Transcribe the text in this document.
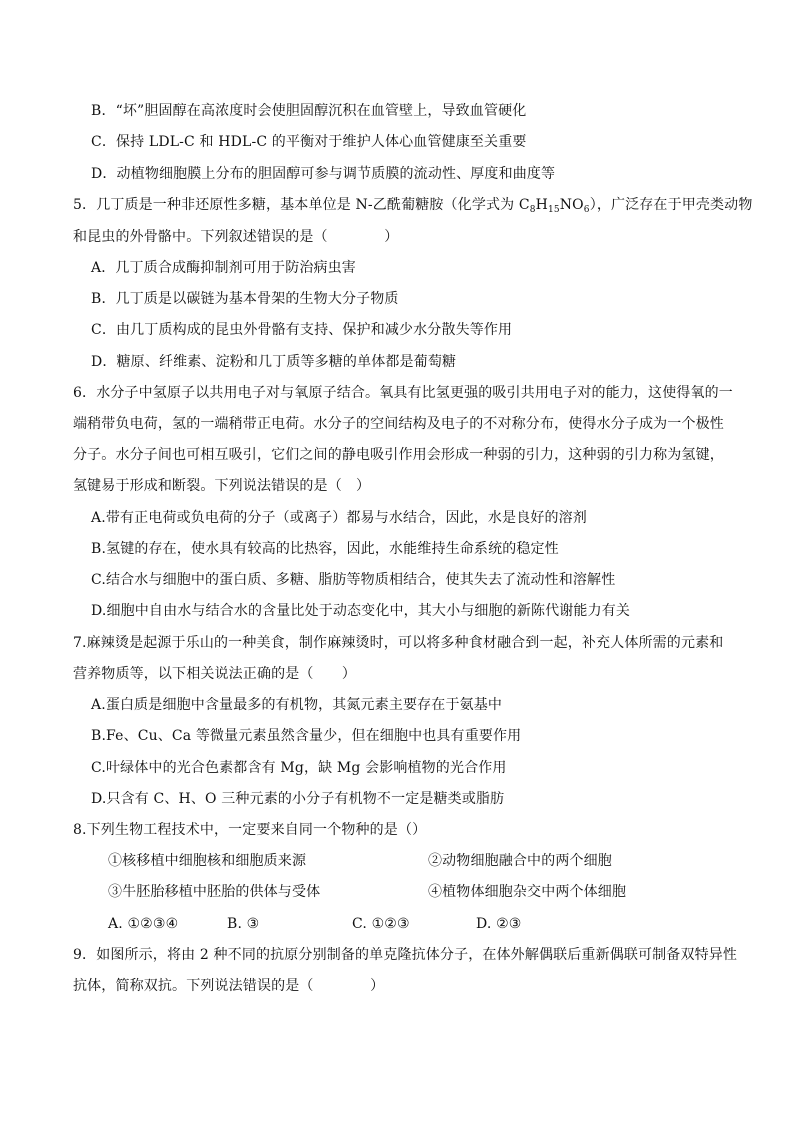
B．“坏”胆固醇在高浓度时会使胆固醇沉积在血管壁上，导致血管硬化
C．保持 LDL-C 和 HDL-C 的平衡对于维护人体心血管健康至关重要
D．动植物细胞膜上分布的胆固醇可参与调节质膜的流动性、厚度和曲度等
5．几丁质是一种非还原性多糖，基本单位是 N-乙酰葡糖胺（化学式为 $C_8H_{15}NO_6$），广泛存在于甲壳类动物
和昆虫的外骨骼中。下列叙述错误的是（　　　　）
A．几丁质合成酶抑制剂可用于防治病虫害
B．几丁质是以碳链为基本骨架的生物大分子物质
C．由几丁质构成的昆虫外骨骼有支持、保护和减少水分散失等作用
D．糖原、纤维素、淀粉和几丁质等多糖的单体都是葡萄糖
6．水分子中氢原子以共用电子对与氧原子结合。氧具有比氢更强的吸引共用电子对的能力，这使得氧的一
端稍带负电荷，氢的一端稍带正电荷。水分子的空间结构及电子的不对称分布，使得水分子成为一个极性
分子。水分子间也可相互吸引，它们之间的静电吸引作用会形成一种弱的引力，这种弱的引力称为氢键，
氢键易于形成和断裂。下列说法错误的是（　）
A.带有正电荷或负电荷的分子（或离子）都易与水结合，因此，水是良好的溶剂
B.氢键的存在，使水具有较高的比热容，因此，水能维持生命系统的稳定性
C.结合水与细胞中的蛋白质、多糖、脂肪等物质相结合，使其失去了流动性和溶解性
D.细胞中自由水与结合水的含量比处于动态变化中，其大小与细胞的新陈代谢能力有关
7.麻辣烫是起源于乐山的一种美食，制作麻辣烫时，可以将多种食材融合到一起，补充人体所需的元素和
营养物质等，以下相关说法正确的是（　　）
A.蛋白质是细胞中含量最多的有机物，其氮元素主要存在于氨基中
B.Fe、Cu、Ca 等微量元素虽然含量少，但在细胞中也具有重要作用
C.叶绿体中的光合色素都含有 Mg，缺 Mg 会影响植物的光合作用
D.只含有 C、H、O 三种元素的小分子有机物不一定是糖类或脂肪
8.下列生物工程技术中，一定要来自同一个物种的是（）
①核移植中细胞核和细胞质来源	②动物细胞融合中的两个细胞
③牛胚胎移植中胚胎的供体与受体	④植物体细胞杂交中两个体细胞
A. ①②③④	B. ③	C. ①②③	D. ②③
9．如图所示，将由 2 种不同的抗原分别制备的单克隆抗体分子，在体外解偶联后重新偶联可制备双特异性
抗体，简称双抗。下列说法错误的是（　　　　）
